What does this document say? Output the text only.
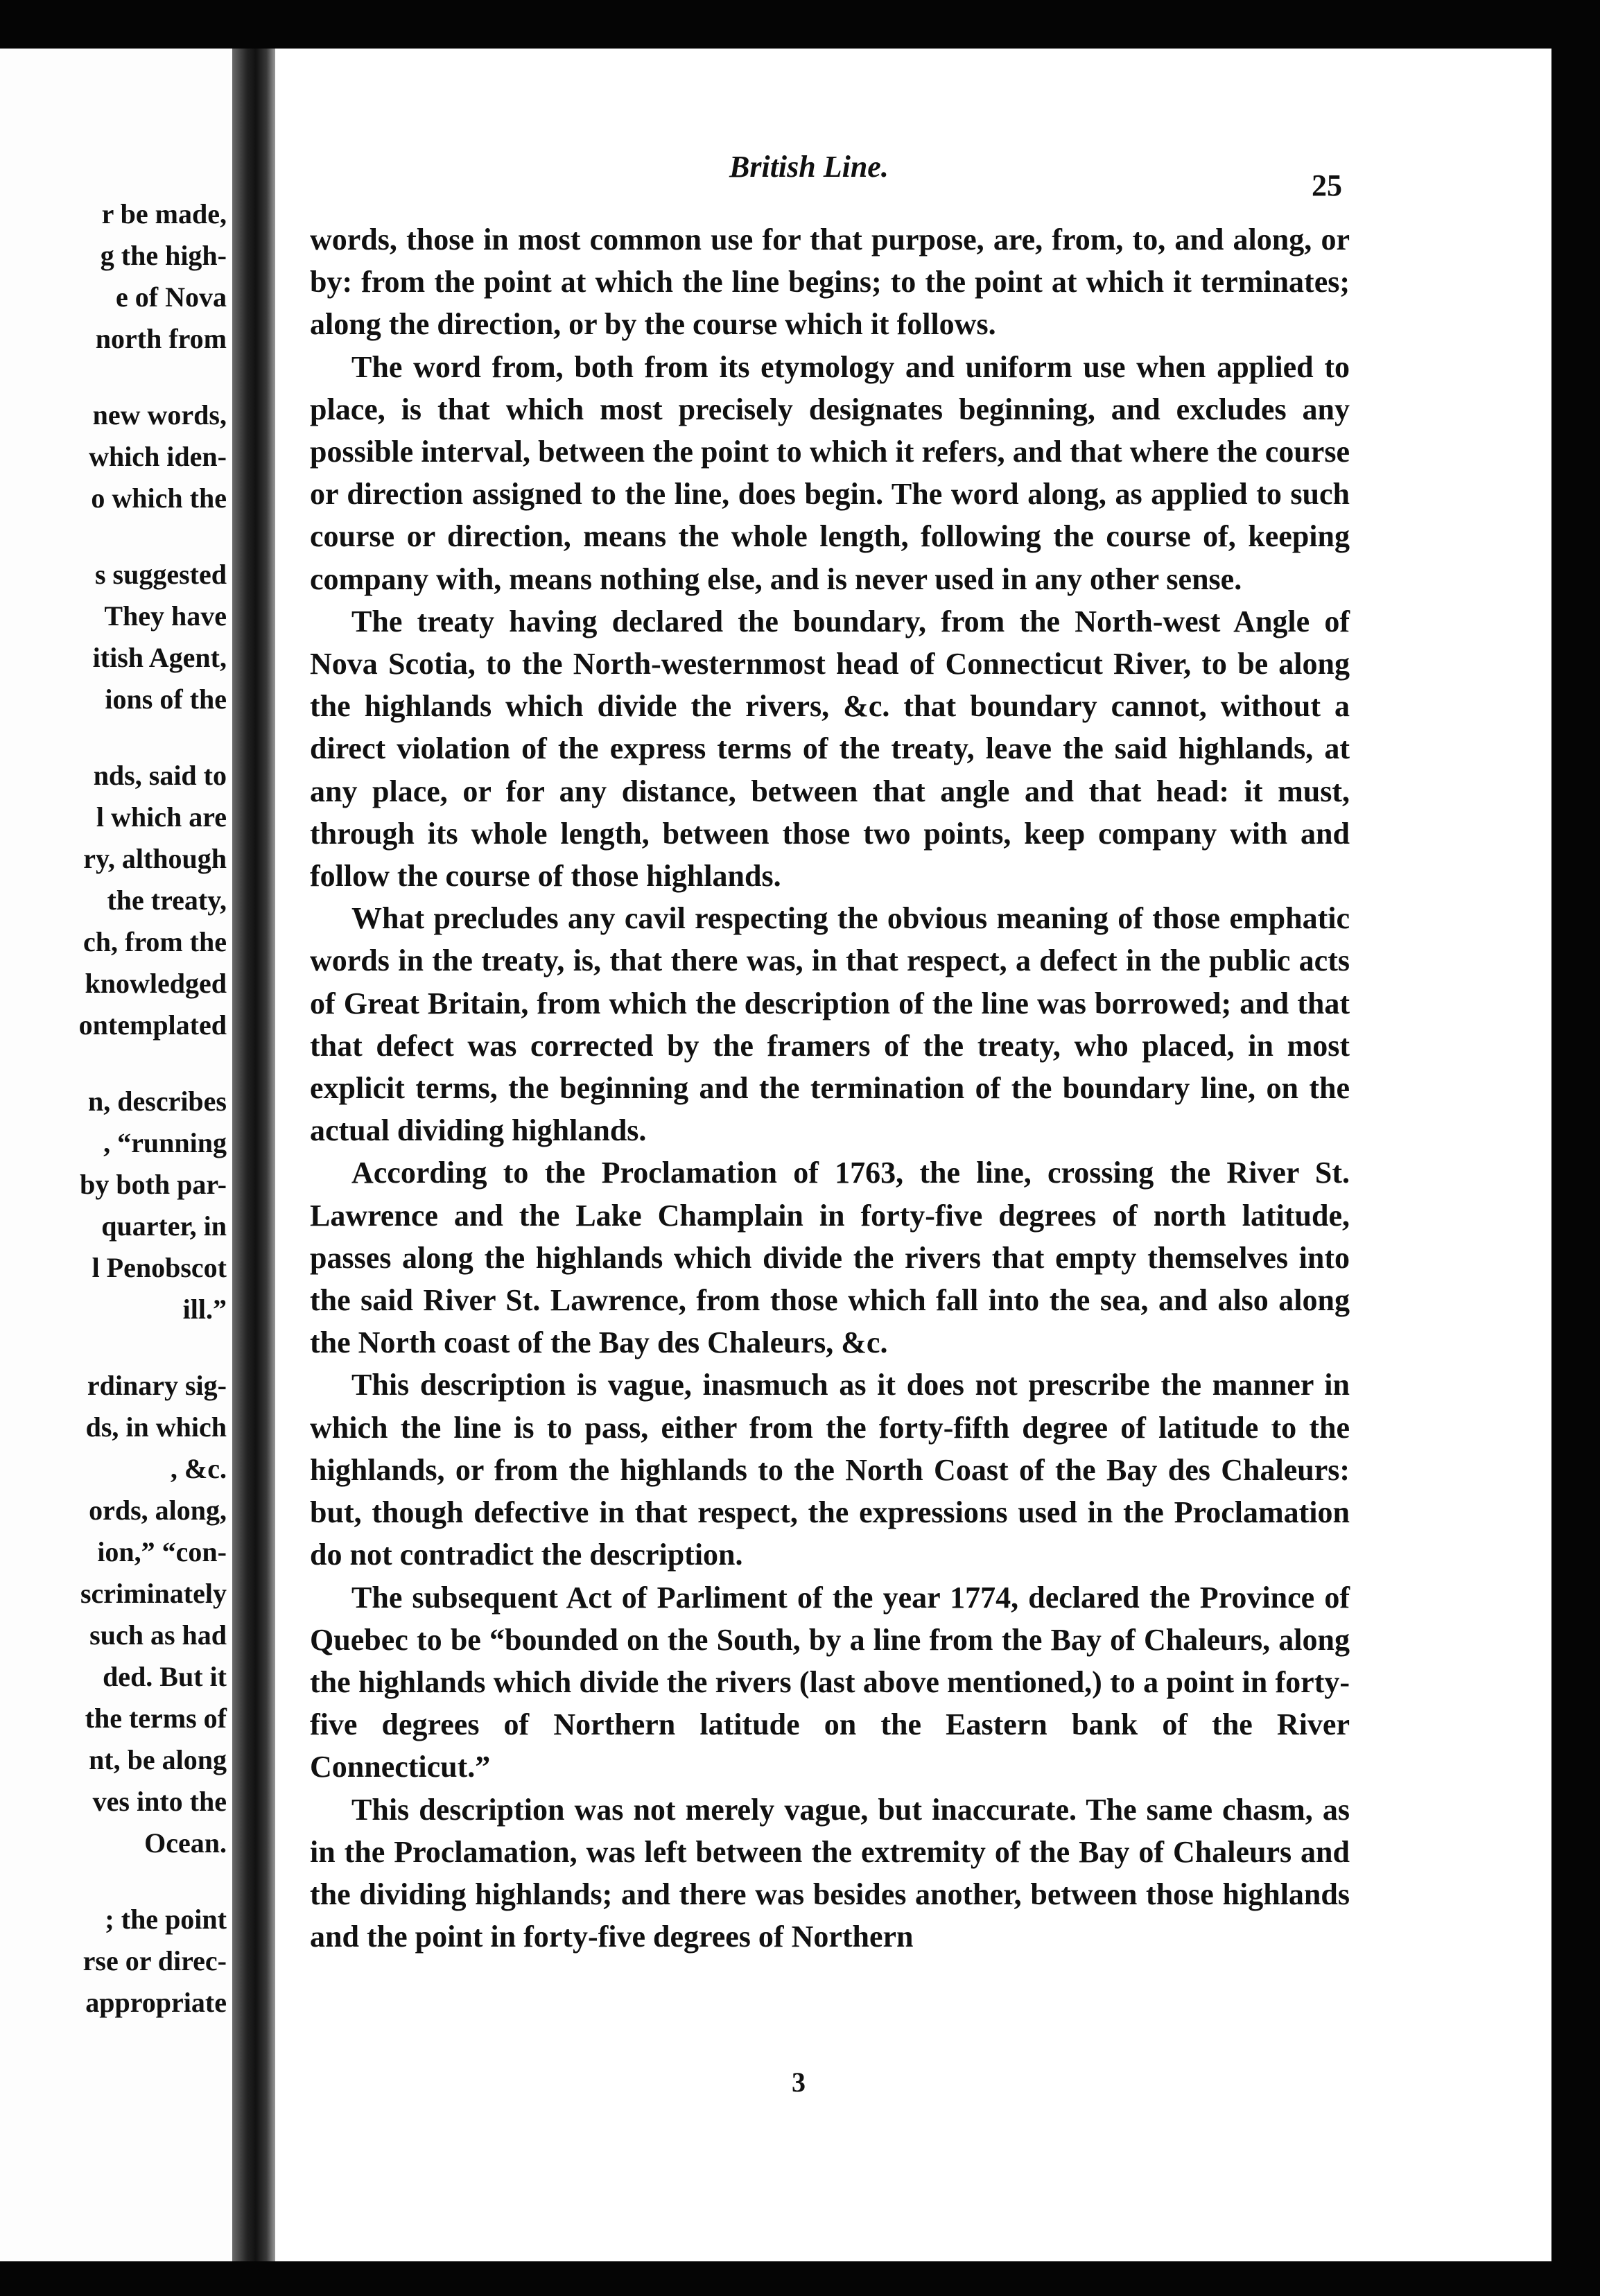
r be made,
g the high-
e of Nova
north from
new words,
which iden-
o which the
s suggested
They have
itish Agent,
ions of the
nds, said to
l which are
ry, although
the treaty,
ch, from the
knowledged
ontemplated
n, describes
, “running
by both par-
quarter, in
l Penobscot
ill.”
rdinary sig-
ds, in which
, &c.
ords, along,
ion,” “con-
scriminately
such as had
ded. But it
the terms of
nt, be along
ves into the
Ocean.
; the point
rse or direc-
appropriate
British Line.
25

words, those in most common use for that purpose, are, from, to, and along, or by: from the point at which the line begins; to the point at which it terminates; along the direction, or by the course which it follows.

The word from, both from its etymology and uniform use when applied to place, is that which most precisely designates beginning, and excludes any possible interval, between the point to which it refers, and that where the course or direction assigned to the line, does begin. The word along, as applied to such course or direction, means the whole length, following the course of, keeping company with, means nothing else, and is never used in any other sense.

The treaty having declared the boundary, from the North-west Angle of Nova Scotia, to the North-westernmost head of Connecticut River, to be along the highlands which divide the rivers, &c. that boundary cannot, without a direct violation of the express terms of the treaty, leave the said highlands, at any place, or for any distance, between that angle and that head: it must, through its whole length, between those two points, keep company with and follow the course of those highlands.

What precludes any cavil respecting the obvious meaning of those emphatic words in the treaty, is, that there was, in that respect, a defect in the public acts of Great Britain, from which the description of the line was borrowed; and that that defect was corrected by the framers of the treaty, who placed, in most explicit terms, the beginning and the termination of the boundary line, on the actual dividing highlands.

According to the Proclamation of 1763, the line, crossing the River St. Lawrence and the Lake Champlain in forty-five degrees of north latitude, passes along the highlands which divide the rivers that empty themselves into the said River St. Lawrence, from those which fall into the sea, and also along the North coast of the Bay des Chaleurs, &c.

This description is vague, inasmuch as it does not prescribe the manner in which the line is to pass, either from the forty-fifth degree of latitude to the highlands, or from the highlands to the North Coast of the Bay des Chaleurs: but, though defective in that respect, the expressions used in the Proclamation do not contradict the description.

The subsequent Act of Parliment of the year 1774, declared the Province of Quebec to be “bounded on the South, by a line from the Bay of Chaleurs, along the highlands which divide the rivers (last above mentioned,) to a point in forty-five degrees of Northern latitude on the Eastern bank of the River Connecticut.”

This description was not merely vague, but inaccurate. The same chasm, as in the Proclamation, was left between the extremity of the Bay of Chaleurs and the dividing highlands; and there was besides another, between those highlands and the point in forty-five degrees of Northern

3
